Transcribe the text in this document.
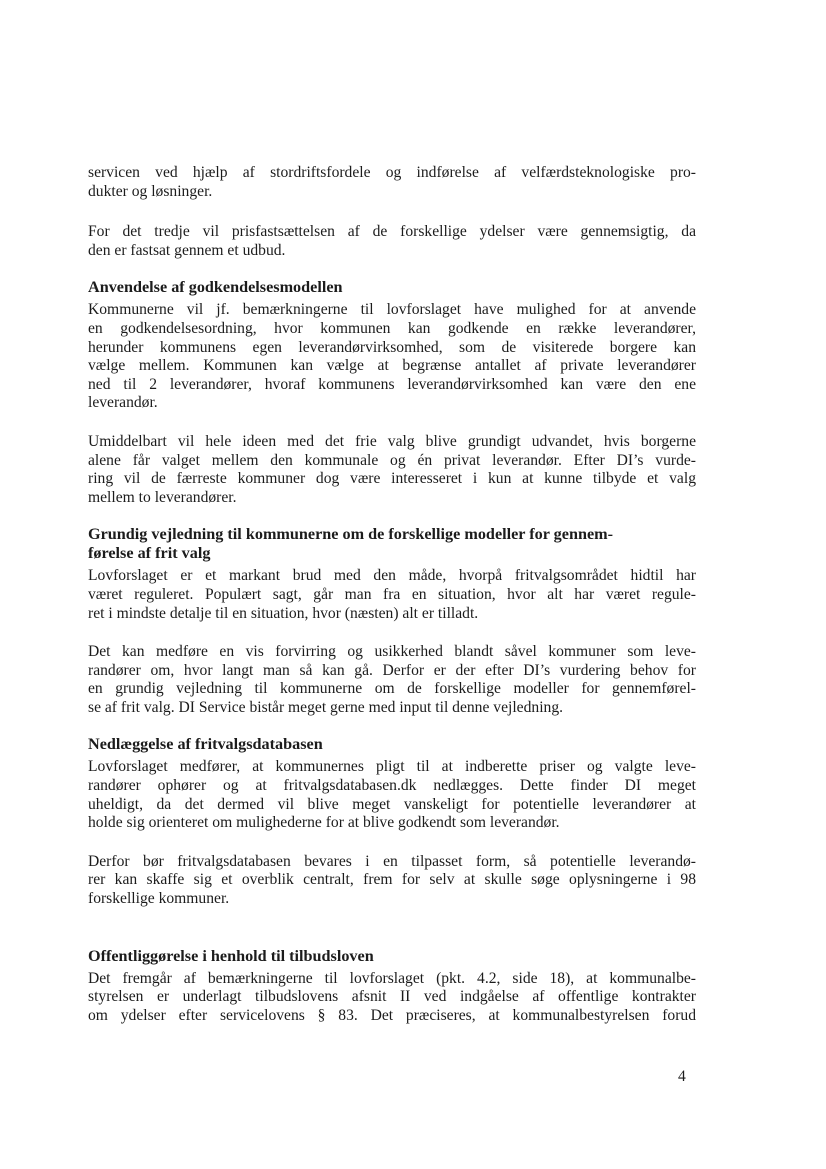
servicen ved hjælp af stordriftsfordele og indførelse af velfærdsteknologiske pro-
dukter og løsninger.

For det tredje vil prisfastsættelsen af de forskellige ydelser være gennemsigtig, da
den er fastsat gennem et udbud.

Anvendelse af godkendelsesmodellen

Kommunerne vil jf. bemærkningerne til lovforslaget have mulighed for at anvende
en godkendelsesordning, hvor kommunen kan godkende en række leverandører,
herunder kommunens egen leverandørvirksomhed, som de visiterede borgere kan
vælge mellem. Kommunen kan vælge at begrænse antallet af private leverandører
ned til 2 leverandører, hvoraf kommunens leverandørvirksomhed kan være den ene
leverandør.

Umiddelbart vil hele ideen med det frie valg blive grundigt udvandet, hvis borgerne
alene får valget mellem den kommunale og én privat leverandør. Efter DI’s vurde-
ring vil de færreste kommuner dog være interesseret i kun at kunne tilbyde et valg
mellem to leverandører.

Grundig vejledning til kommunerne om de forskellige modeller for gennem-
førelse af frit valg

Lovforslaget er et markant brud med den måde, hvorpå fritvalgsområdet hidtil har
været reguleret. Populært sagt, går man fra en situation, hvor alt har været regule-
ret i mindste detalje til en situation, hvor (næsten) alt er tilladt.

Det kan medføre en vis forvirring og usikkerhed blandt såvel kommuner som leve-
randører om, hvor langt man så kan gå. Derfor er der efter DI’s vurdering behov for
en grundig vejledning til kommunerne om de forskellige modeller for gennemførel-
se af frit valg. DI Service bistår meget gerne med input til denne vejledning.

Nedlæggelse af fritvalgsdatabasen

Lovforslaget medfører, at kommunernes pligt til at indberette priser og valgte leve-
randører ophører og at fritvalgsdatabasen.dk nedlægges. Dette finder DI meget
uheldigt, da det dermed vil blive meget vanskeligt for potentielle leverandører at
holde sig orienteret om mulighederne for at blive godkendt som leverandør.

Derfor bør fritvalgsdatabasen bevares i en tilpasset form, så potentielle leverandø-
rer kan skaffe sig et overblik centralt, frem for selv at skulle søge oplysningerne i 98
forskellige kommuner.

Offentliggørelse i henhold til tilbudsloven

Det fremgår af bemærkningerne til lovforslaget (pkt. 4.2, side 18), at kommunalbe-
styrelsen er underlagt tilbudslovens afsnit II ved indgåelse af offentlige kontrakter
om ydelser efter servicelovens § 83. Det præciseres, at kommunalbestyrelsen forud

4
